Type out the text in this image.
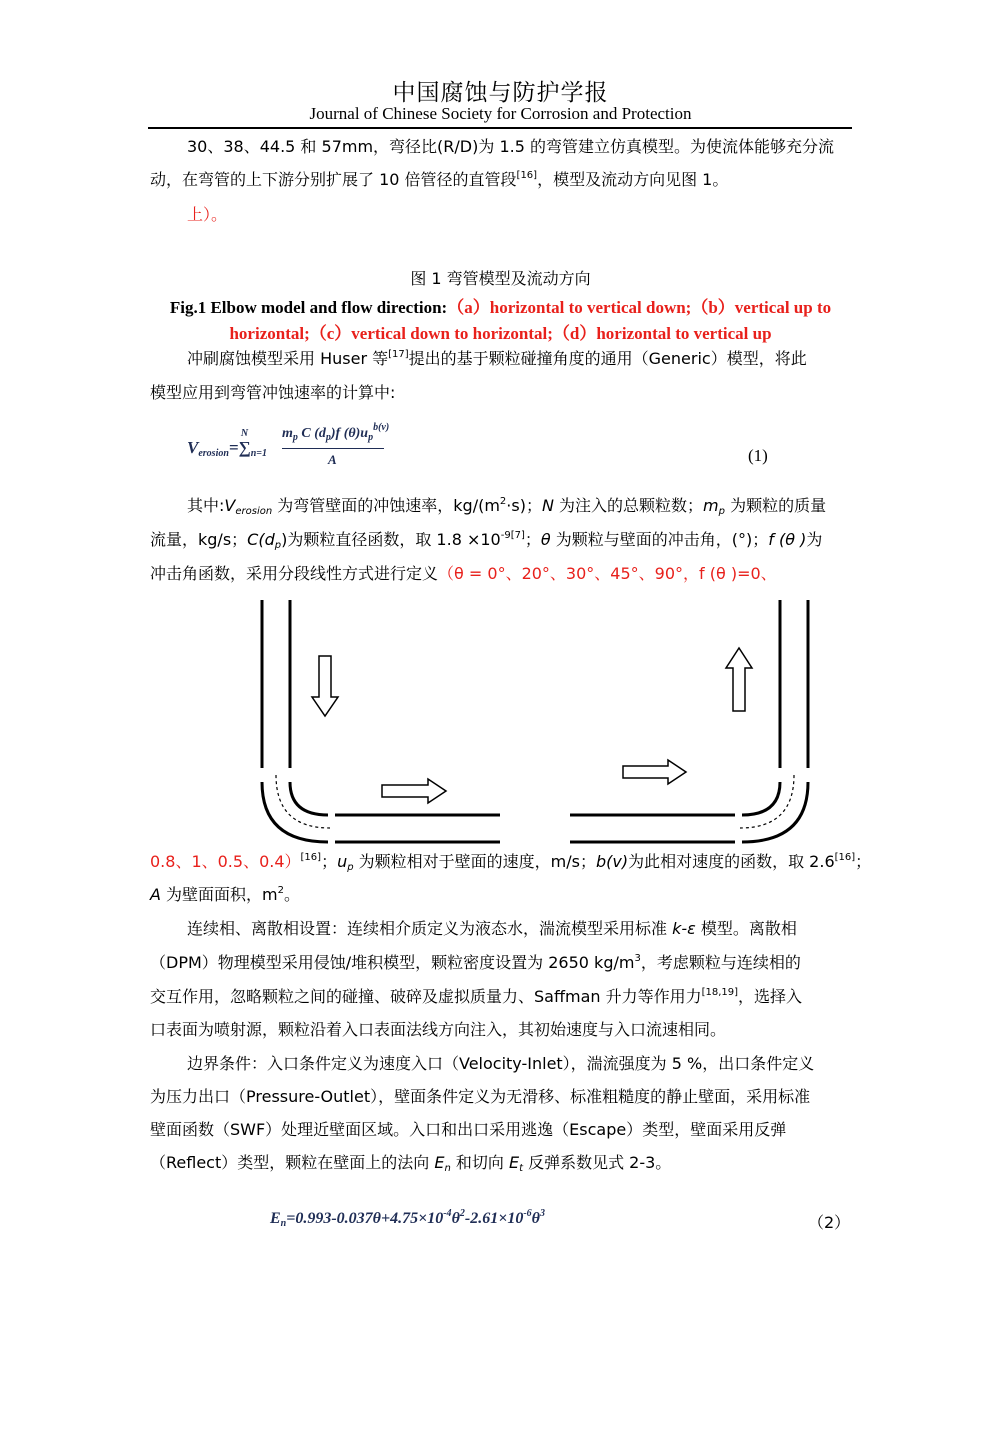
中国腐蚀与防护学报
Journal of Chinese Society for Corrosion and Protection
30、38、44.5 和 57mm，弯径比(R/D)为 1.5 的弯管建立仿真模型。为使流体能够充分流
动，在弯管的上下游分别扩展了 10 倍管径的直管段[16]，模型及流动方向见图 1。
上）。
图 1 弯管模型及流动方向
Fig.1 Elbow model and flow direction:（a）horizontal to vertical down;（b）vertical up to
horizontal;（c）vertical down to horizontal;（d）horizontal to vertical up
冲刷腐蚀模型采用 Huser 等[17]提出的基于颗粒碰撞角度的通用（Generic）模型，将此
模型应用到弯管冲蚀速率的计算中:
$V_{erosion}=\sum_{n=1}$
N $m_p$ C $(d_p)f$ $(\theta)u_p^{b(v)}$
A	(1)
其中$:V_{erosion}$ 为弯管壁面的冲蚀速率，$kg/(m^2\cdot s)$；N 为注入的总颗粒数；$m_p$ 为颗粒的质量
流量，kg/s；$C(d_p)$为颗粒直径函数，取 $1.8 \times 10^{-9[7]}$；θ 为颗粒与壁面的冲击角，(°)；f (θ )为
冲击角函数，采用分段线性方式进行定义（θ = 0°、20°、30°、45°、90°，f (θ )=0、
0.8、1、0.5、0.4）[16]；$u_p$ 为颗粒相对于壁面的速度，m/s；b(v)为此相对速度的函数，取 2.6[16]；
A 为壁面面积，$m^2$。
连续相、离散相设置：连续相介质定义为液态水，湍流模型采用标准 k-ε 模型。离散相
（DPM）物理模型采用侵蚀/堆积模型，颗粒密度设置为 2650 $kg/m^3$，考虑颗粒与连续相的
交互作用，忽略颗粒之间的碰撞、破碎及虚拟质量力、Saffman 升力等作用力[18,19]，选择入
口表面为喷射源，颗粒沿着入口表面法线方向注入，其初始速度与入口流速相同。
边界条件：入口条件定义为速度入口（Velocity-Inlet），湍流强度为 5 %，出口条件定义
为压力出口（Pressure-Outlet），壁面条件定义为无滑移、标准粗糙度的静止壁面，采用标准
壁面函数（SWF）处理近壁面区域。入口和出口采用逃逸（Escape）类型，壁面采用反弹
（Reflect）类型，颗粒在壁面上的法向 $E_n$ 和切向 $E_t$ 反弹系数见式 2-3。
$E_n=0.993-0.037\theta+4.75\times 10^{-4}\theta^2-2.61\times 10^{-6}\theta^3$	（2）
